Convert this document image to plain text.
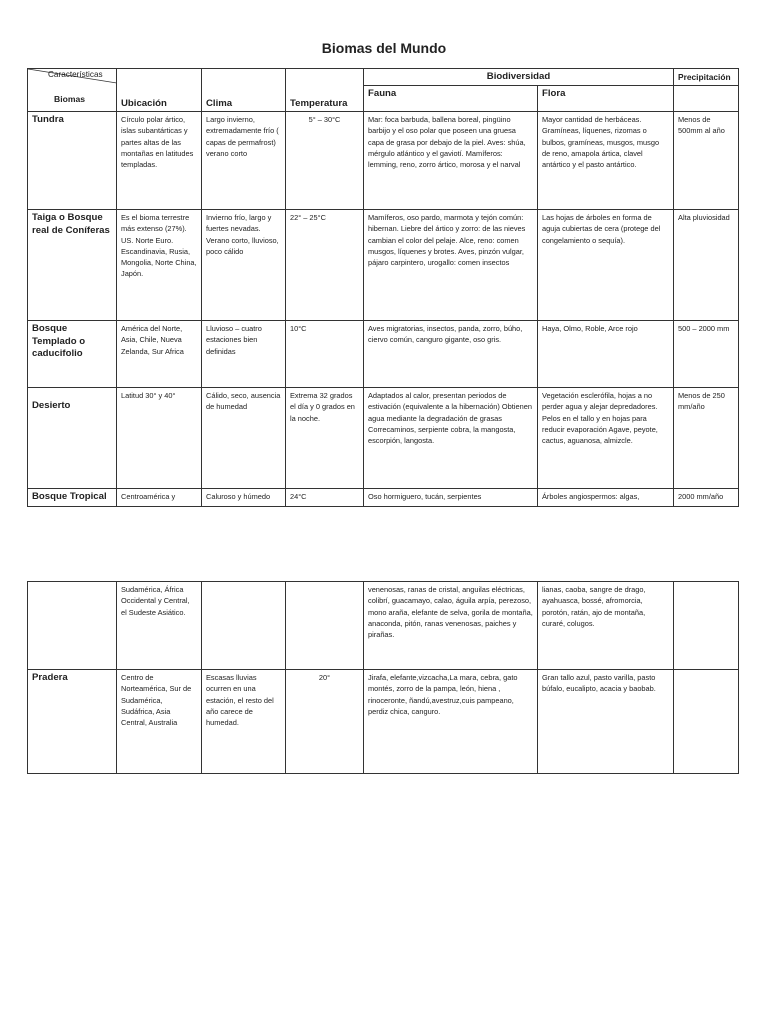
Biomas del Mundo
Características
Biomas	Ubicación	Clima	Temperatura	Biodiversidad		Precipitación
				Fauna	Flora	
Tundra	Círculo polar ártico, islas subantárticas y partes altas de las montañas en latitudes templadas.	Largo invierno, extremadamente frío ( capas de permafrost) verano corto	5° – 30°C	Mar: foca barbuda, ballena boreal, pingüino barbijo y el oso polar que poseen una gruesa capa de grasa por debajo de la piel. Aves: shúa, mérgulo atlántico y el gaviotí. Mamíferos: lemming, reno, zorro ártico, morosa y el narval	Mayor cantidad de herbáceas. Gramíneas, líquenes, rizomas o bulbos, gramíneas, musgos, musgo de reno, amapola ártica, clavel antártico y el pasto antártico.	Menos de 500mm al año
Taiga o Bosque real de Coníferas	Es el bioma terrestre más extenso (27%). US. Norte Euro. Escandinavia, Rusia, Mongolia, Norte China, Japón.	Invierno frío, largo y fuertes nevadas. Verano corto, lluvioso, poco cálido	22° – 25°C	Mamíferos, oso pardo, marmota y tejón común: hibernan. Liebre del ártico y zorro: de las nieves cambian el color del pelaje. Alce, reno: comen musgos, líquenes y brotes. Aves, pinzón vulgar, pájaro carpintero, urogallo: comen insectos	Las hojas de árboles en forma de aguja cubiertas de cera (protege del congelamiento o sequía).	Alta pluviosidad
Bosque Templado o caducifolio	América del Norte, Asia, Chile, Nueva Zelanda, Sur Africa	Lluvioso – cuatro estaciones bien definidas	10°C	Aves migratorias, insectos, panda, zorro, búho, ciervo común, canguro gigante, oso gris.	Haya, Olmo, Roble, Arce rojo	500 – 2000 mm
Desierto	Latitud 30° y 40°	Cálido, seco, ausencia de humedad	Extrema 32 grados el día y 0 grados en la noche.	Adaptados al calor, presentan periodos de estivación (equivalente a la hibernación) Obtienen agua mediante la degradación de grasas Correcaminos, serpiente cobra, la mangosta, escorpión, langosta.	Vegetación esclerófila, hojas a no perder agua y alejar depredadores. Pelos en el tallo y en hojas para reducir evaporación Agave, peyote, cactus, aguanosa, almizcle.	Menos de 250 mm/año
Bosque Tropical	Centroamérica y	Caluroso y húmedo	24°C	Oso hormiguero, tucán, serpientes	Árboles angiospermos: algas,	2000 mm/año
	Sudamérica, África Occidental y Central, el Sudeste Asiático.			venenosas, ranas de cristal, anguilas eléctricas, colibrí, guacamayo, calao, águila arpía, perezoso, mono araña, elefante de selva, gorila de montaña, anaconda, pitón, ranas venenosas, paiches y pirañas.	lianas, caoba, sangre de drago, ayahuasca, bossé, afromorcia, porotón, ratán, ajo de montaña, curaré, colugos.	
Pradera	Centro de Norteamérica, Sur de Sudamérica, Sudáfrica, Asia Central, Australia	Escasas lluvias ocurren en una estación, el resto del año carece de humedad.	20°	Jirafa, elefante,vizcacha,La mara, cebra, gato montés, zorro de la pampa, león, hiena , rinoceronte, ñandú,avestruz,cuis pampeano, perdiz chica, canguro.	Gran tallo azul, pasto varilla, pasto búfalo, eucalipto, acacia y baobab.	
